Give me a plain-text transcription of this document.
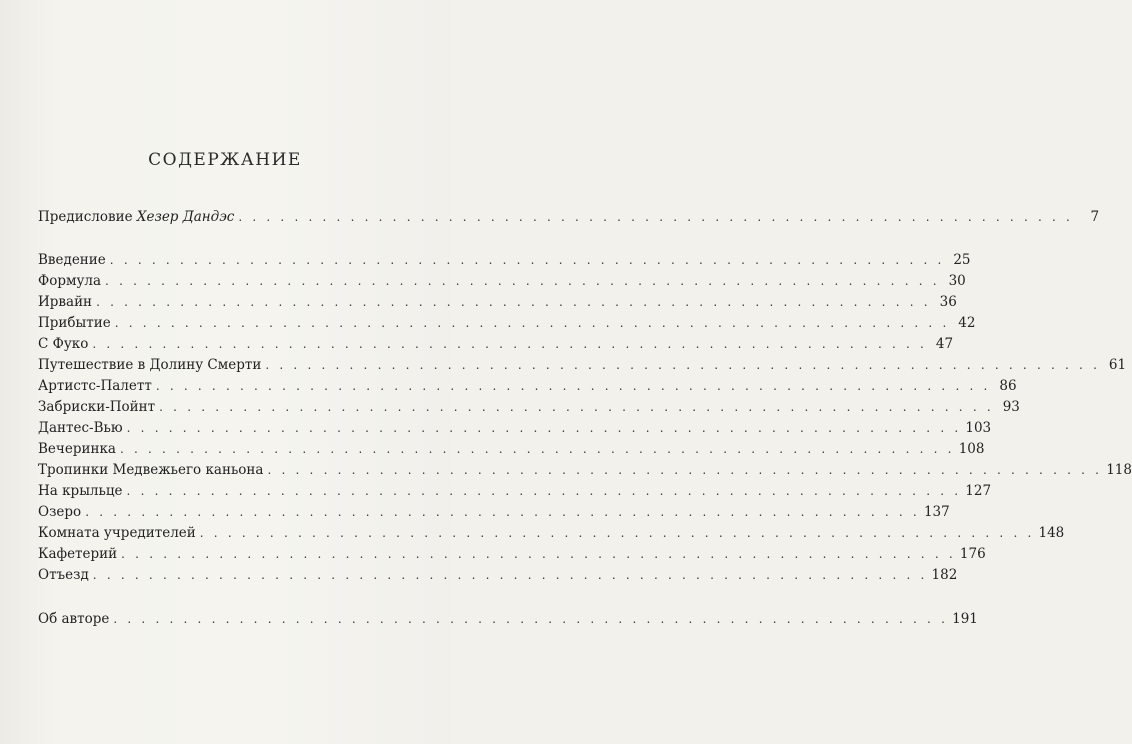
СОДЕРЖАНИЕ
Предисловие Хезер Дандэс . . . . . . . . . . . . . . . . . . . . . . . . . . . . . . . . . . . . . . . . . . . . . . . . . . . . . . . . . . . .	7
Введение . . . . . . . . . . . . . . . . . . . . . . . . . . . . . . . . . . . . . . . . . . . . . . . . . . . . . . . . . . . . 25
Формула . . . . . . . . . . . . . . . . . . . . . . . . . . . . . . . . . . . . . . . . . . . . . . . . . . . . . . . . . . . . 30
Ирвайн . . . . . . . . . . . . . . . . . . . . . . . . . . . . . . . . . . . . . . . . . . . . . . . . . . . . . . . . . . . . 36
Прибытие . . . . . . . . . . . . . . . . . . . . . . . . . . . . . . . . . . . . . . . . . . . . . . . . . . . . . . . . . . . . 42
С Фуко . . . . . . . . . . . . . . . . . . . . . . . . . . . . . . . . . . . . . . . . . . . . . . . . . . . . . . . . . . . . 47
Путешествие в Долину Смерти . . . . . . . . . . . . . . . . . . . . . . . . . . . . . . . . . . . . . . . . . . . . . . . . . . . . . . . . . . . . 61
Артистс-Палетт . . . . . . . . . . . . . . . . . . . . . . . . . . . . . . . . . . . . . . . . . . . . . . . . . . . . . . . . . . . . 86
Забриски-Пойнт . . . . . . . . . . . . . . . . . . . . . . . . . . . . . . . . . . . . . . . . . . . . . . . . . . . . . . . . . . . . 93
Дантес-Вью . . . . . . . . . . . . . . . . . . . . . . . . . . . . . . . . . . . . . . . . . . . . . . . . . . . . . . . . . . . . 103
Вечеринка . . . . . . . . . . . . . . . . . . . . . . . . . . . . . . . . . . . . . . . . . . . . . . . . . . . . . . . . . . . . 108
Тропинки Медвежьего каньона . . . . . . . . . . . . . . . . . . . . . . . . . . . . . . . . . . . . . . . . . . . . . . . . . . . . . . . . . . . . 118
На крыльце . . . . . . . . . . . . . . . . . . . . . . . . . . . . . . . . . . . . . . . . . . . . . . . . . . . . . . . . . . . . 127
Озеро . . . . . . . . . . . . . . . . . . . . . . . . . . . . . . . . . . . . . . . . . . . . . . . . . . . . . . . . . . . . 137
Комната учредителей . . . . . . . . . . . . . . . . . . . . . . . . . . . . . . . . . . . . . . . . . . . . . . . . . . . . . . . . . . . . 148
Кафетерий . . . . . . . . . . . . . . . . . . . . . . . . . . . . . . . . . . . . . . . . . . . . . . . . . . . . . . . . . . . . 176
Отъезд . . . . . . . . . . . . . . . . . . . . . . . . . . . . . . . . . . . . . . . . . . . . . . . . . . . . . . . . . . . . 182
Об авторе . . . . . . . . . . . . . . . . . . . . . . . . . . . . . . . . . . . . . . . . . . . . . . . . . . . . . . . . . . . . 191
